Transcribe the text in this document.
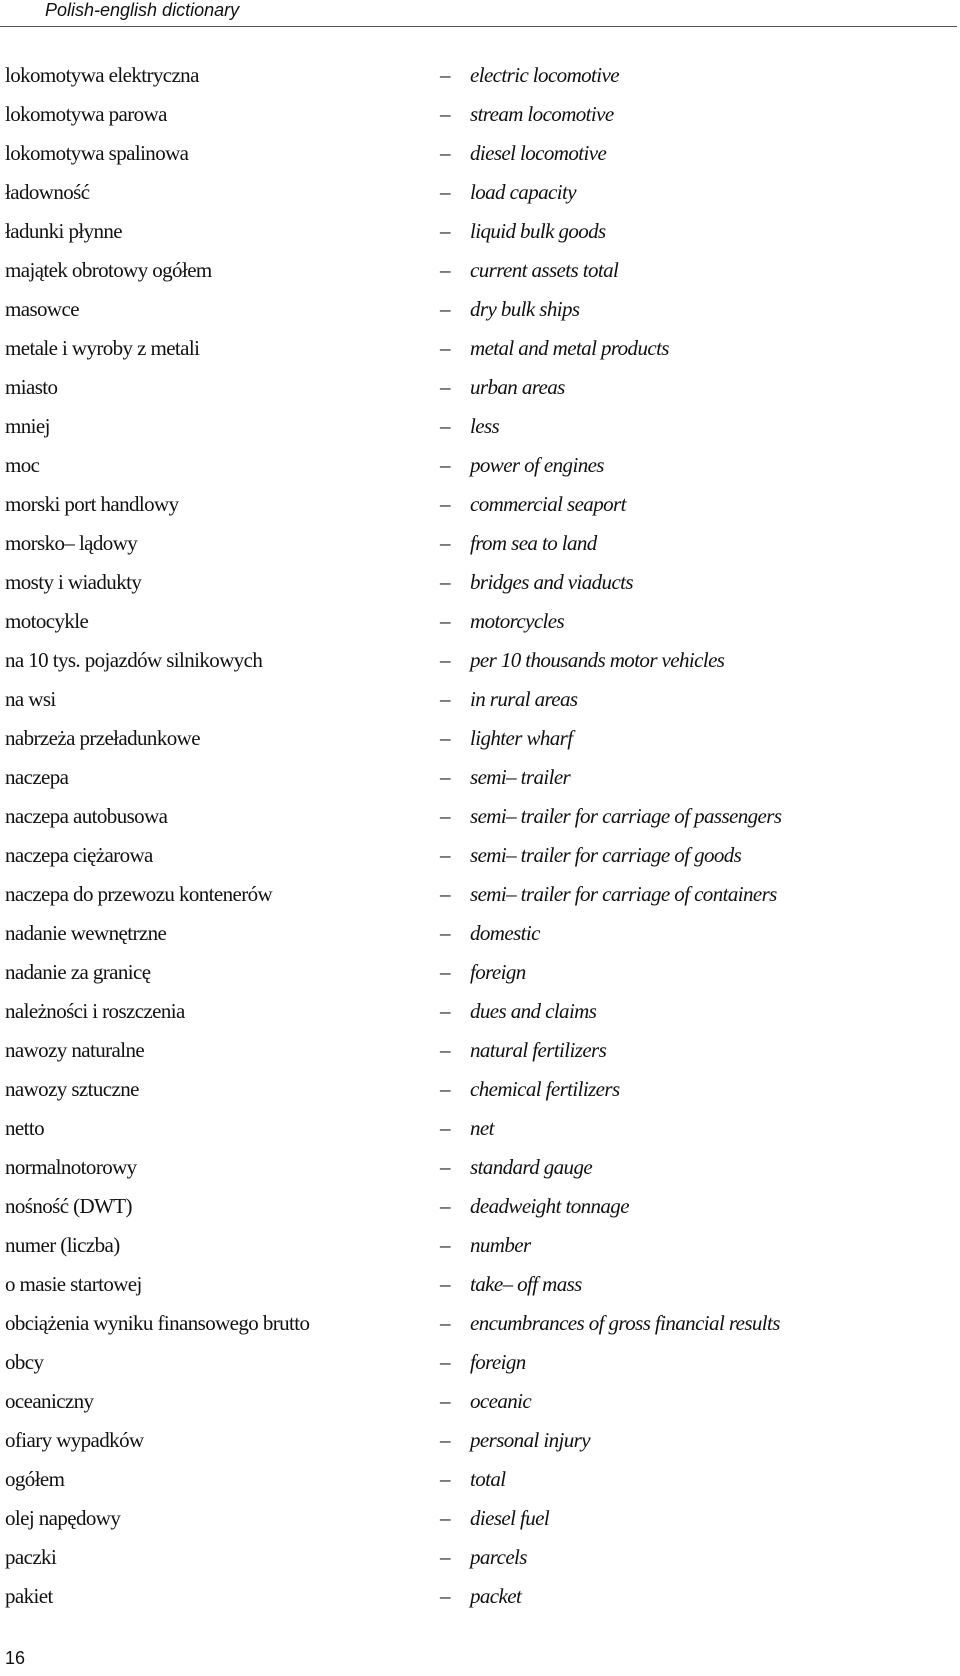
Polish-english dictionary
lokomotywa elektryczna	– electric locomotive
lokomotywa parowa	– stream locomotive
lokomotywa spalinowa	– diesel locomotive
ładowność	– load capacity
ładunki płynne	– liquid bulk goods
majątek obrotowy ogółem	– current assets total
masowce	– dry bulk ships
metale i wyroby z metali	– metal and metal products
miasto	– urban areas
mniej	– less
moc	– power of engines
morski port handlowy	– commercial seaport
morsko– lądowy	– from sea to land
mosty i wiadukty	– bridges and viaducts
motocykle	– motorcycles
na 10 tys. pojazdów silnikowych	– per 10 thousands motor vehicles
na wsi	– in rural areas
nabrzeża przeładunkowe	– lighter wharf
naczepa	– semi– trailer
naczepa autobusowa	– semi– trailer for carriage of passengers
naczepa ciężarowa	– semi– trailer for carriage of goods
naczepa do przewozu kontenerów	– semi– trailer for carriage of containers
nadanie wewnętrzne	– domestic
nadanie za granicę	– foreign
należności i roszczenia	– dues and claims
nawozy naturalne	– natural fertilizers
nawozy sztuczne	– chemical fertilizers
netto	– net
normalnotorowy	– standard gauge
nośność (DWT)	– deadweight tonnage
numer (liczba)	– number
o masie startowej	– take– off mass
obciążenia wyniku finansowego brutto	– encumbrances of gross financial results
obcy	– foreign
oceaniczny	– oceanic
ofiary wypadków	– personal injury
ogółem	– total
olej napędowy	– diesel fuel
paczki	– parcels
pakiet	– packet
16
